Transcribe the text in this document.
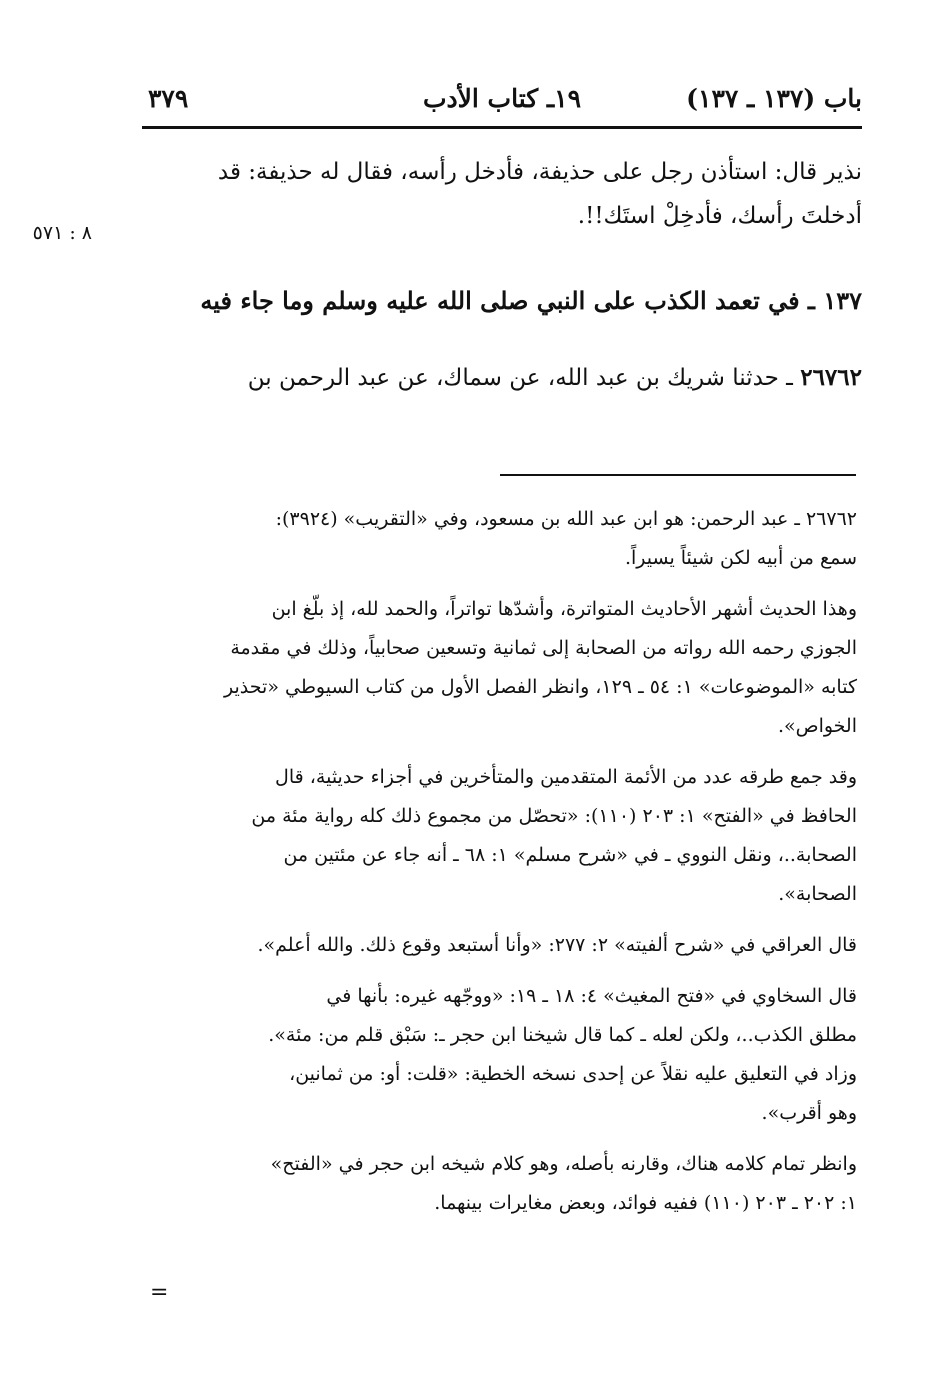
باب (١٣٧ ـ ١٣٧)
١٩ـ كتاب الأدب
٣٧٩
نذير قال: استأذن رجل على حذيفة، فأدخل رأسه، فقال له حذيفة: قد
أدخلتَ رأسك، فأدخِلْ استَك!!.
٨ : ٥٧١
١٣٧ ـ في تعمد الكذب على النبي صلى الله عليه وسلم وما جاء فيه
٢٦٧٦٢ ـ حدثنا شريك بن عبد الله، عن سماك، عن عبد الرحمن بن

٢٦٧٦٢ ـ عبد الرحمن: هو ابن عبد الله بن مسعود، وفي «التقريب» (٣٩٢٤):
سمع من أبيه لكن شيئاً يسيراً.

وهذا الحديث أشهر الأحاديث المتواترة، وأشدّها تواتراً، والحمد لله، إذ بلّغ ابن
الجوزي رحمه الله رواته من الصحابة إلى ثمانية وتسعين صحابياً، وذلك في مقدمة
كتابه «الموضوعات» ١: ٥٤ ـ ١٢٩، وانظر الفصل الأول من كتاب السيوطي «تحذير
الخواص».

وقد جمع طرقه عدد من الأئمة المتقدمين والمتأخرين في أجزاء حديثية، قال
الحافظ في «الفتح» ١: ٢٠٣ (١١٠): «تحصّل من مجموع ذلك كله رواية مئة من
الصحابة..، ونقل النووي ـ في «شرح مسلم» ١: ٦٨ ـ أنه جاء عن مئتين من
الصحابة».

قال العراقي في «شرح ألفيته» ٢: ٢٧٧: «وأنا أستبعد وقوع ذلك. والله أعلم».

قال السخاوي في «فتح المغيث» ٤: ١٨ ـ ١٩: «ووجّهه غيره: بأنها في
مطلق الكذب..، ولكن لعله ـ كما قال شيخنا ابن حجر ـ: سَبْق قلم من: مئة».
وزاد في التعليق عليه نقلاً عن إحدى نسخه الخطية: «قلت: أو: من ثمانين،
وهو أقرب».

وانظر تمام كلامه هناك، وقارنه بأصله، وهو كلام شيخه ابن حجر في «الفتح»
١: ٢٠٢ ـ ٢٠٣ (١١٠) ففيه فوائد، وبعض مغايرات بينهما.

=
